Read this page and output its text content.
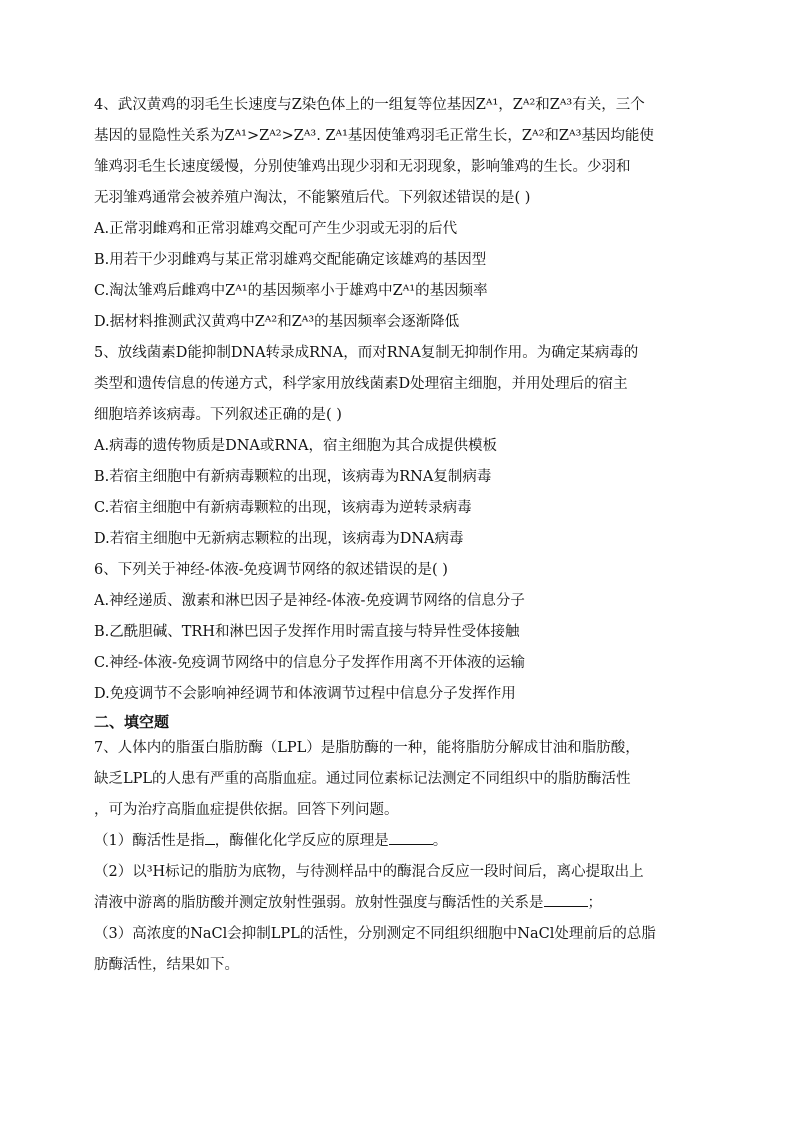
4、武汉黄鸡的羽毛生长速度与Z染色体上的一组复等位基因Zᴬ¹，Zᴬ²和Zᴬ³有关，三个
基因的显隐性关系为Zᴬ¹>Zᴬ²>Zᴬ³. Zᴬ¹基因使雏鸡羽毛正常生长，Zᴬ²和Zᴬ³基因均能使
雏鸡羽毛生长速度缓慢，分别使雏鸡出现少羽和无羽现象，影响雏鸡的生长。少羽和
无羽雏鸡通常会被养殖户淘汰，不能繁殖后代。下列叙述错误的是( )
A.正常羽雌鸡和正常羽雄鸡交配可产生少羽或无羽的后代
B.用若干少羽雌鸡与某正常羽雄鸡交配能确定该雄鸡的基因型
C.淘汰雏鸡后雌鸡中Zᴬ¹的基因频率小于雄鸡中Zᴬ¹的基因频率
D.据材料推测武汉黄鸡中Zᴬ²和Zᴬ³的基因频率会逐渐降低
5、放线菌素D能抑制DNA转录成RNA，而对RNA复制无抑制作用。为确定某病毒的
类型和遗传信息的传递方式，科学家用放线菌素D处理宿主细胞，并用处理后的宿主
细胞培养该病毒。下列叙述正确的是( )
A.病毒的遗传物质是DNA或RNA，宿主细胞为其合成提供模板
B.若宿主细胞中有新病毒颗粒的出现，该病毒为RNA复制病毒
C.若宿主细胞中有新病毒颗粒的出现，该病毒为逆转录病毒
D.若宿主细胞中无新病志颗粒的出现，该病毒为DNA病毒
6、下列关于神经-体液-免疫调节网络的叙述错误的是( )
A.神经递质、激素和淋巴因子是神经-体液-免疫调节网络的信息分子
B.乙酰胆碱、TRH和淋巴因子发挥作用时需直接与特异性受体接触
C.神经-体液-免疫调节网络中的信息分子发挥作用离不开体液的运输
D.免疫调节不会影响神经调节和体液调节过程中信息分子发挥作用
二、填空题
7、人体内的脂蛋白脂肪酶（LPL）是脂肪酶的一种，能将脂肪分解成甘油和脂肪酸，
缺乏LPL的人患有严重的高脂血症。通过同位素标记法测定不同组织中的脂肪酶活性
，可为治疗高脂血症提供依据。回答下列问题。
（1）酶活性是指 ，酶催化化学反应的原理是	。
（2）以³H标记的脂肪为底物，与待测样品中的酶混合反应一段时间后，离心提取出上
清液中游离的脂肪酸并测定放射性强弱。放射性强度与酶活性的关系是	；
（3）高浓度的NaCl会抑制LPL的活性，分别测定不同组织细胞中NaCl处理前后的总脂
肪酶活性，结果如下。
